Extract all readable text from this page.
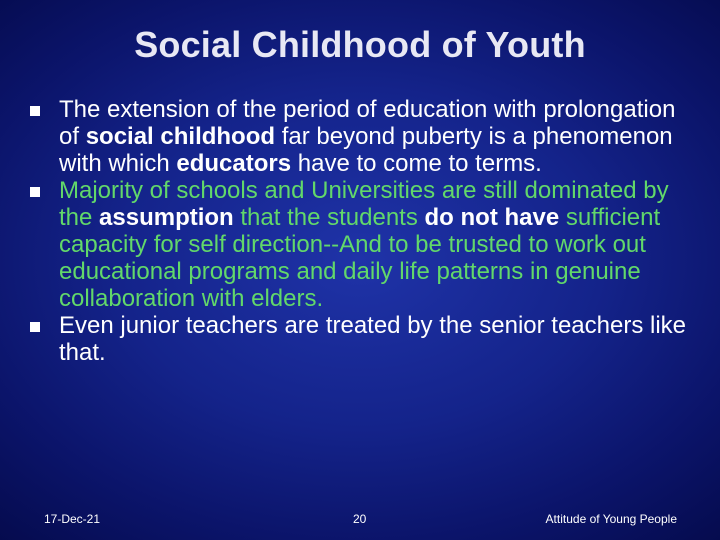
Social Childhood of Youth
The extension of the period of education with prolongation of social childhood far beyond puberty is a phenomenon with which educators have to come to terms.
Majority of schools and Universities are still dominated by the assumption that the students do not have sufficient capacity for self direction--And to be trusted to work out educational programs and daily life patterns in genuine collaboration with elders.
Even junior teachers are treated by the senior teachers like that.
17-Dec-21	20	Attitude of Young People
